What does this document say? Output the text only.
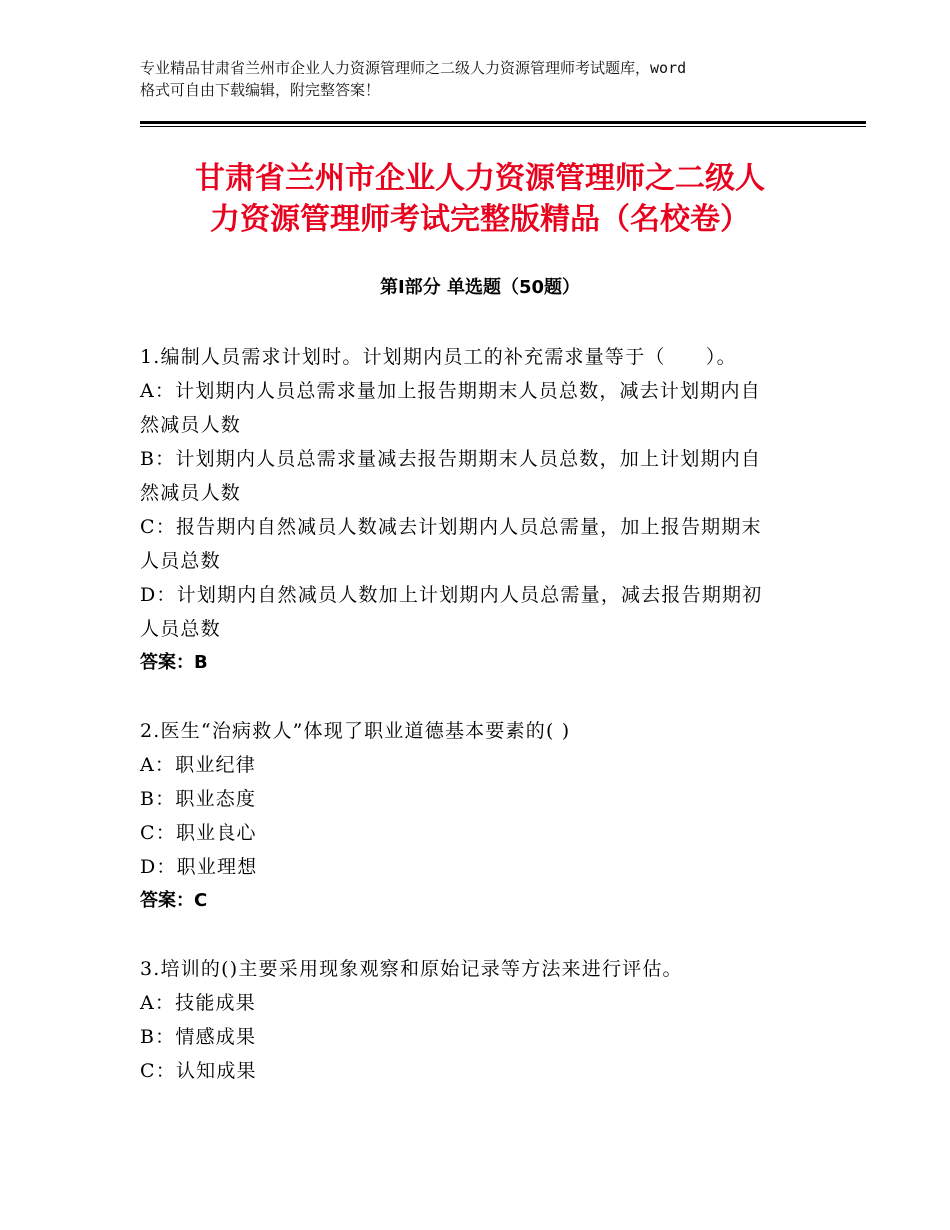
专业精品甘肃省兰州市企业人力资源管理师之二级人力资源管理师考试题库，word
格式可自由下载编辑，附完整答案！
甘肃省兰州市企业人力资源管理师之二级人
力资源管理师考试完整版精品（名校卷）
第Ⅰ部分 单选题（50题）
1.编制人员需求计划时。计划期内员工的补充需求量等于（　　）。
A：计划期内人员总需求量加上报告期期末人员总数，减去计划期内自
然减员人数
B：计划期内人员总需求量减去报告期期末人员总数，加上计划期内自
然减员人数
C：报告期内自然减员人数减去计划期内人员总需量，加上报告期期末
人员总数
D：计划期内自然减员人数加上计划期内人员总需量，减去报告期期初
人员总数
答案：B
2.医生“治病救人”体现了职业道德基本要素的( )
A：职业纪律
B：职业态度
C：职业良心
D：职业理想
答案：C
3.培训的()主要采用现象观察和原始记录等方法来进行评估。
A：技能成果
B：情感成果
C：认知成果
